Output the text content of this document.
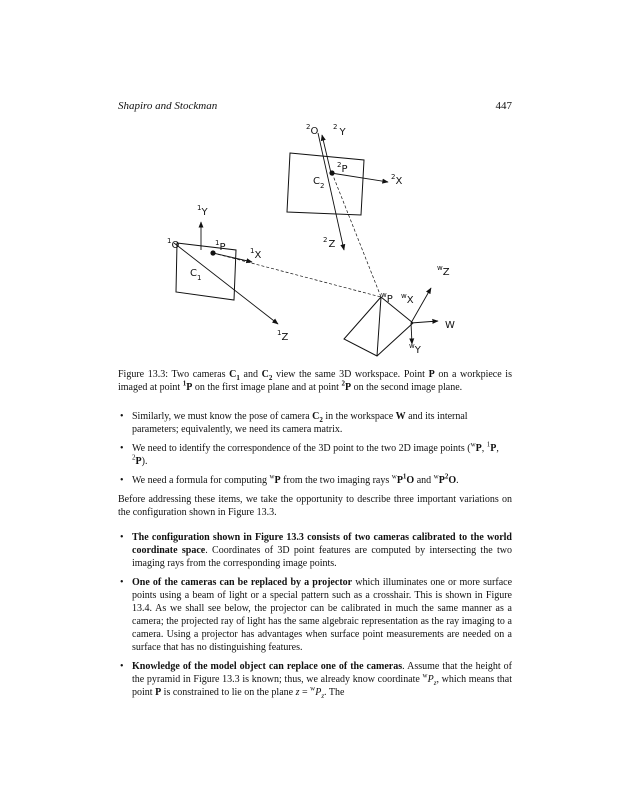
Shapiro and Stockman	447
$^2$O $^2$ Y
$^2$P
$C_2$
$^2$X
$^2$Z
$^1$Y
$^1$O	$^1$P	$^1$X
$C_1$
$^1$Z
$^w$Z
$^w$P $^w$X
W
$^w$Y
Figure 13.3: Two cameras $C_1$ and $C_2$ view the same 3D workspace. Point P on a workpiece is imaged at point $^1$P on the first image plane and at point $^2$P on the second image plane.
• Similarly, we must know the pose of camera $C_2$ in the workspace W and its internal parameters; equivalently, we need its camera matrix.
• We need to identify the correspondence of the 3D point to the two 2D image points ($^w$P, $^1$P, $^2$P).
• We need a formula for computing $^w$P from the two imaging rays $^wP^1O$ and $^wP^2O$.

Before addressing these items, we take the opportunity to describe three important variations on the configuration shown in Figure 13.3.

• The configuration shown in Figure 13.3 consists of two cameras calibrated to the world coordinate space. Coordinates of 3D point features are computed by intersecting the two imaging rays from the corresponding image points.
• One of the cameras can be replaced by a projector which illuminates one or more surface points using a beam of light or a special pattern such as a crosshair. This is shown in Figure 13.4. As we shall see below, the projector can be calibrated in much the same manner as a camera; the projected ray of light has the same algebraic representation as the ray imaging to a camera. Using a projector has advantages when surface point measurements are needed on a surface that has no distinguishing features.
• Knowledge of the model object can replace one of the cameras. Assume that the height of the pyramid in Figure 13.3 is known; thus, we already know coordinate $^wP_z$, which means that point P is constrained to lie on the plane $z = ^wP_z$. The
